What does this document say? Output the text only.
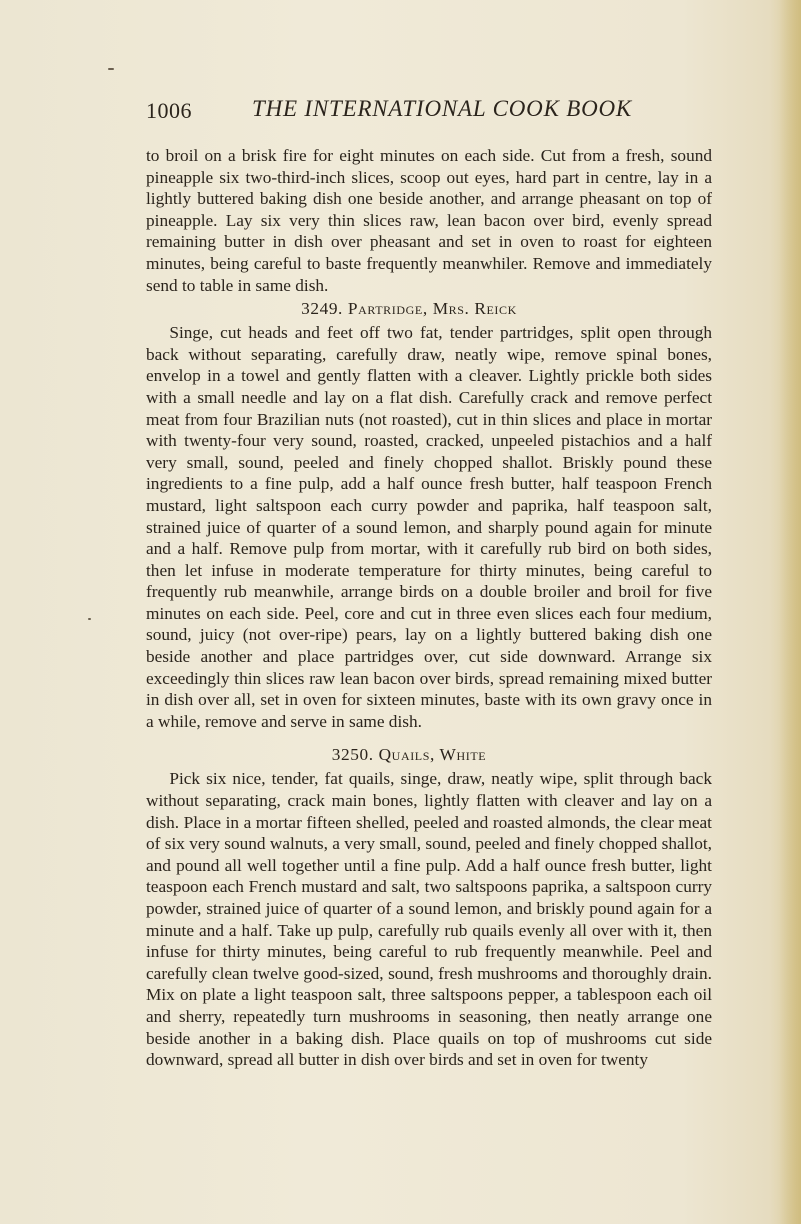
1006	THE INTERNATIONAL COOK BOOK

to broil on a brisk fire for eight minutes on each side. Cut from a fresh, sound pineapple six two-third-inch slices, scoop out eyes, hard part in centre, lay in a lightly buttered baking dish one beside another, and arrange pheasant on top of pineapple. Lay six very thin slices raw, lean bacon over bird, evenly spread remaining butter in dish over pheasant and set in oven to roast for eighteen minutes, being careful to baste frequently meanwhiler. Remove and immediately send to table in same dish.

3249. Partridge, Mrs. Reick

Singe, cut heads and feet off two fat, tender partridges, split open through back without separating, carefully draw, neatly wipe, remove spinal bones, envelop in a towel and gently flatten with a cleaver. Lightly prickle both sides with a small needle and lay on a flat dish. Carefully crack and remove perfect meat from four Brazilian nuts (not roasted), cut in thin slices and place in mortar with twenty-four very sound, roasted, cracked, unpeeled pistachios and a half very small, sound, peeled and finely chopped shallot. Briskly pound these ingredients to a fine pulp, add a half ounce fresh butter, half teaspoon French mustard, light saltspoon each curry powder and paprika, half teaspoon salt, strained juice of quarter of a sound lemon, and sharply pound again for minute and a half. Remove pulp from mortar, with it carefully rub bird on both sides, then let infuse in moderate temperature for thirty minutes, being careful to frequently rub meanwhile, arrange birds on a double broiler and broil for five minutes on each side. Peel, core and cut in three even slices each four medium, sound, juicy (not over-ripe) pears, lay on a lightly buttered baking dish one beside another and place partridges over, cut side downward. Arrange six exceedingly thin slices raw lean bacon over birds, spread remaining mixed butter in dish over all, set in oven for sixteen minutes, baste with its own gravy once in a while, remove and serve in same dish.

3250. Quails, White

Pick six nice, tender, fat quails, singe, draw, neatly wipe, split through back without separating, crack main bones, lightly flatten with cleaver and lay on a dish. Place in a mortar fifteen shelled, peeled and roasted almonds, the clear meat of six very sound walnuts, a very small, sound, peeled and finely chopped shallot, and pound all well together until a fine pulp. Add a half ounce fresh butter, light teaspoon each French mustard and salt, two saltspoons paprika, a saltspoon curry powder, strained juice of quarter of a sound lemon, and briskly pound again for a minute and a half. Take up pulp, carefully rub quails evenly all over with it, then infuse for thirty minutes, being careful to rub frequently meanwhile. Peel and carefully clean twelve good-sized, sound, fresh mushrooms and thoroughly drain. Mix on plate a light teaspoon salt, three saltspoons pepper, a tablespoon each oil and sherry, repeatedly turn mushrooms in seasoning, then neatly arrange one beside another in a baking dish. Place quails on top of mushrooms cut side downward, spread all butter in dish over birds and set in oven for twenty
